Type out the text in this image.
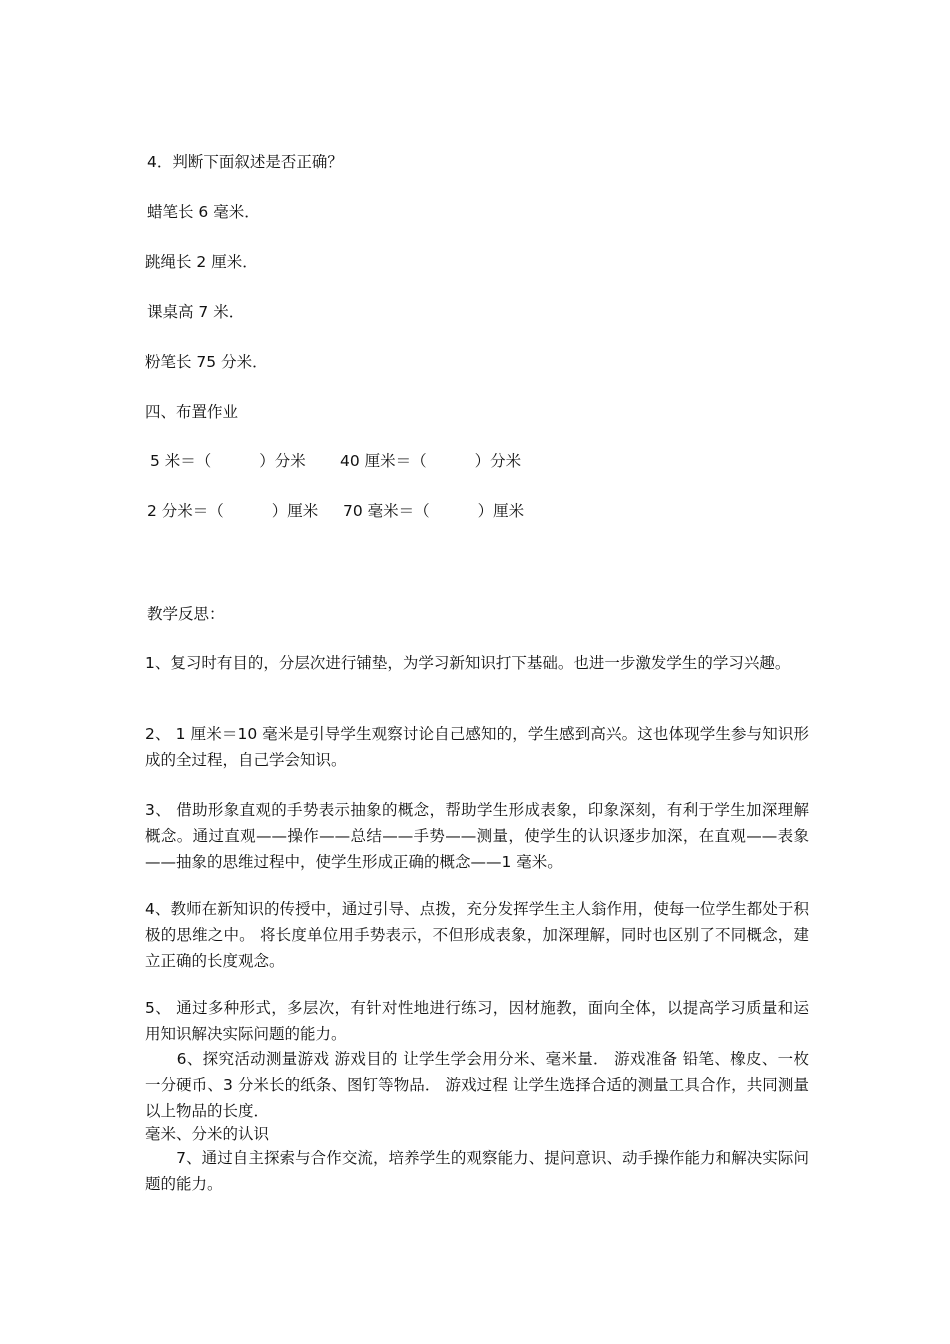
4．判断下面叙述是否正确？
蜡笔长 6 毫米．
跳绳长 2 厘米．
课桌高 7 米．
粉笔长 75 分米．
四、布置作业
5 米＝（	）分米 40 厘米＝（	）分米
2 分米＝（	）厘米 70 毫米＝（	）厘米
教学反思：
1、复习时有目的，分层次进行铺垫，为学习新知识打下基础。也进一步激发学生的学习兴趣。
2、 1 厘米＝10 毫米是引导学生观察讨论自己感知的，学生感到高兴。这也体现学生参与知识形成的全过程，自己学会知识。
3、 借助形象直观的手势表示抽象的概念，帮助学生形成表象，印象深刻，有利于学生加深理解概念。通过直观——操作——总结——手势——测量，使学生的认识逐步加深，在直观——表象——抽象的思维过程中，使学生形成正确的概念——1 毫米。
4、教师在新知识的传授中，通过引导、点拨，充分发挥学生主人翁作用，使每一位学生都处于积极的思维之中。 将长度单位用手势表示，不但形成表象，加深理解，同时也区别了不同概念，建立正确的长度观念。
5、 通过多种形式，多层次，有针对性地进行练习，因材施教，面向全体，以提高学习质量和运用知识解决实际问题的能力。
　　6、探究活动测量游戏 游戏目的 让学生学会用分米、毫米量． 游戏准备 铅笔、橡皮、一枚一分硬币、3 分米长的纸条、图钉等物品． 游戏过程 让学生选择合适的测量工具合作，共同测量以上物品的长度．
毫米、分米的认识
　　7、通过自主探索与合作交流，培养学生的观察能力、提问意识、动手操作能力和解决实际问题的能力。
